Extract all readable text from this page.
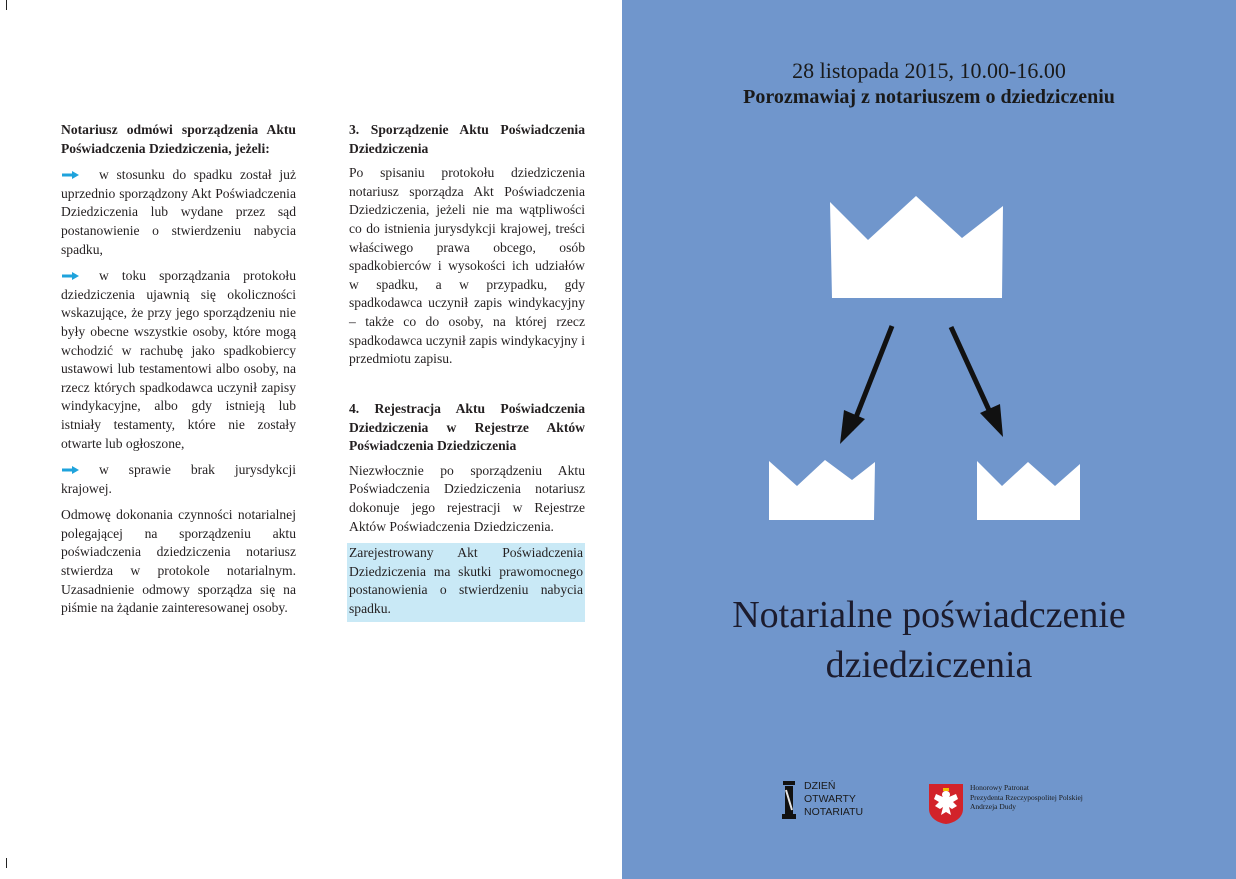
Notariusz odmówi sporządzenia Aktu Poświadczenia Dziedziczenia, jeżeli:

w stosunku do spadku został już uprzednio sporządzony Akt Poświadczenia Dziedziczenia lub wydane przez sąd postanowienie o stwierdzeniu nabycia spadku,

w toku sporządzania protokołu dziedziczenia ujawnią się okoliczności wskazujące, że przy jego sporządzeniu nie były obecne wszystkie osoby, które mogą wchodzić w rachubę jako spadkobiercy ustawowi lub testamentowi albo osoby, na rzecz których spadkodawca uczynił zapisy windykacyjne, albo gdy istnieją lub istniały testamenty, które nie zostały otwarte lub ogłoszone,

w sprawie brak jurysdykcji krajowej.

Odmowę dokonania czynności notarialnej polegającej na sporządzeniu aktu poświadczenia dziedziczenia notariusz stwierdza w protokole notarialnym. Uzasadnienie odmowy sporządza się na piśmie na żądanie zainteresowanej osoby.

3. Sporządzenie Aktu Poświadczenia Dziedziczenia

Po spisaniu protokołu dziedziczenia notariusz sporządza Akt Poświadczenia Dziedziczenia, jeżeli nie ma wątpliwości co do istnienia jurysdykcji krajowej, treści właściwego prawa obcego, osób spadkobierców i wysokości ich udziałów w spadku, a w przypadku, gdy spadkodawca uczynił zapis windykacyjny – także co do osoby, na której rzecz spadkodawca uczynił zapis windykacyjny i przedmiotu zapisu.

4. Rejestracja Aktu Poświadczenia Dziedziczenia w Rejestrze Aktów Poświadczenia Dziedziczenia

Niezwłocznie po sporządzeniu Aktu Poświadczenia Dziedziczenia notariusz dokonuje jego rejestracji w Rejestrze Aktów Poświadczenia Dziedziczenia.

Zarejestrowany Akt Poświadczenia Dziedziczenia ma skutki prawomocnego postanowienia o stwierdzeniu nabycia spadku.

28 listopada 2015, 10.00-16.00
Porozmawiaj z notariuszem o dziedziczeniu
Notarialne poświadczenie
dziedziczenia
DZIEŃ
OTWARTY
NOTARIATU
Honorowy Patronat
Prezydenta Rzeczypospolitej Polskiej
Andrzeja Dudy
